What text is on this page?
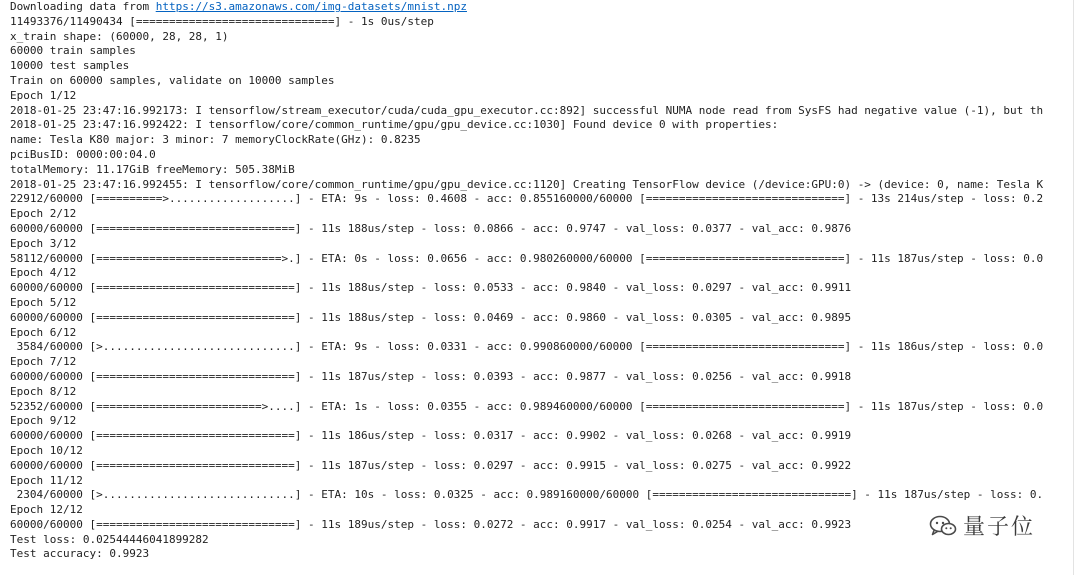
Downloading data from https://s3.amazonaws.com/img-datasets/mnist.npz
11493376/11490434 [==============================] - 1s 0us/step
x_train shape: (60000, 28, 28, 1)
60000 train samples
10000 test samples
Train on 60000 samples, validate on 10000 samples
Epoch 1/12
2018-01-25 23:47:16.992173: I tensorflow/stream_executor/cuda/cuda_gpu_executor.cc:892] successful NUMA node read from SysFS had negative value (-1), but th
2018-01-25 23:47:16.992422: I tensorflow/core/common_runtime/gpu/gpu_device.cc:1030] Found device 0 with properties:
name: Tesla K80 major: 3 minor: 7 memoryClockRate(GHz): 0.8235
pciBusID: 0000:00:04.0
totalMemory: 11.17GiB freeMemory: 505.38MiB
2018-01-25 23:47:16.992455: I tensorflow/core/common_runtime/gpu/gpu_device.cc:1120] Creating TensorFlow device (/device:GPU:0) -> (device: 0, name: Tesla K
22912/60000 [==========>...................] - ETA: 9s - loss: 0.4608 - acc: 0.855160000/60000 [==============================] - 13s 214us/step - loss: 0.2
Epoch 2/12
60000/60000 [==============================] - 11s 188us/step - loss: 0.0866 - acc: 0.9747 - val_loss: 0.0377 - val_acc: 0.9876
Epoch 3/12
58112/60000 [============================>.] - ETA: 0s - loss: 0.0656 - acc: 0.980260000/60000 [==============================] - 11s 187us/step - loss: 0.0
Epoch 4/12
60000/60000 [==============================] - 11s 188us/step - loss: 0.0533 - acc: 0.9840 - val_loss: 0.0297 - val_acc: 0.9911
Epoch 5/12
60000/60000 [==============================] - 11s 188us/step - loss: 0.0469 - acc: 0.9860 - val_loss: 0.0305 - val_acc: 0.9895
Epoch 6/12
3584/60000 [>.............................] - ETA: 9s - loss: 0.0331 - acc: 0.990860000/60000 [==============================] - 11s 186us/step - loss: 0.0
Epoch 7/12
60000/60000 [==============================] - 11s 187us/step - loss: 0.0393 - acc: 0.9877 - val_loss: 0.0256 - val_acc: 0.9918
Epoch 8/12
52352/60000 [=========================>....] - ETA: 1s - loss: 0.0355 - acc: 0.989460000/60000 [==============================] - 11s 187us/step - loss: 0.0
Epoch 9/12
60000/60000 [==============================] - 11s 186us/step - loss: 0.0317 - acc: 0.9902 - val_loss: 0.0268 - val_acc: 0.9919
Epoch 10/12
60000/60000 [==============================] - 11s 187us/step - loss: 0.0297 - acc: 0.9915 - val_loss: 0.0275 - val_acc: 0.9922
Epoch 11/12
2304/60000 [>.............................] - ETA: 10s - loss: 0.0325 - acc: 0.989160000/60000 [==============================] - 11s 187us/step - loss: 0.
Epoch 12/12
60000/60000 [==============================] - 11s 189us/step - loss: 0.0272 - acc: 0.9917 - val_loss: 0.0254 - val_acc: 0.9923
Test loss: 0.02544446041899282
Test accuracy: 0.9923
量子位
